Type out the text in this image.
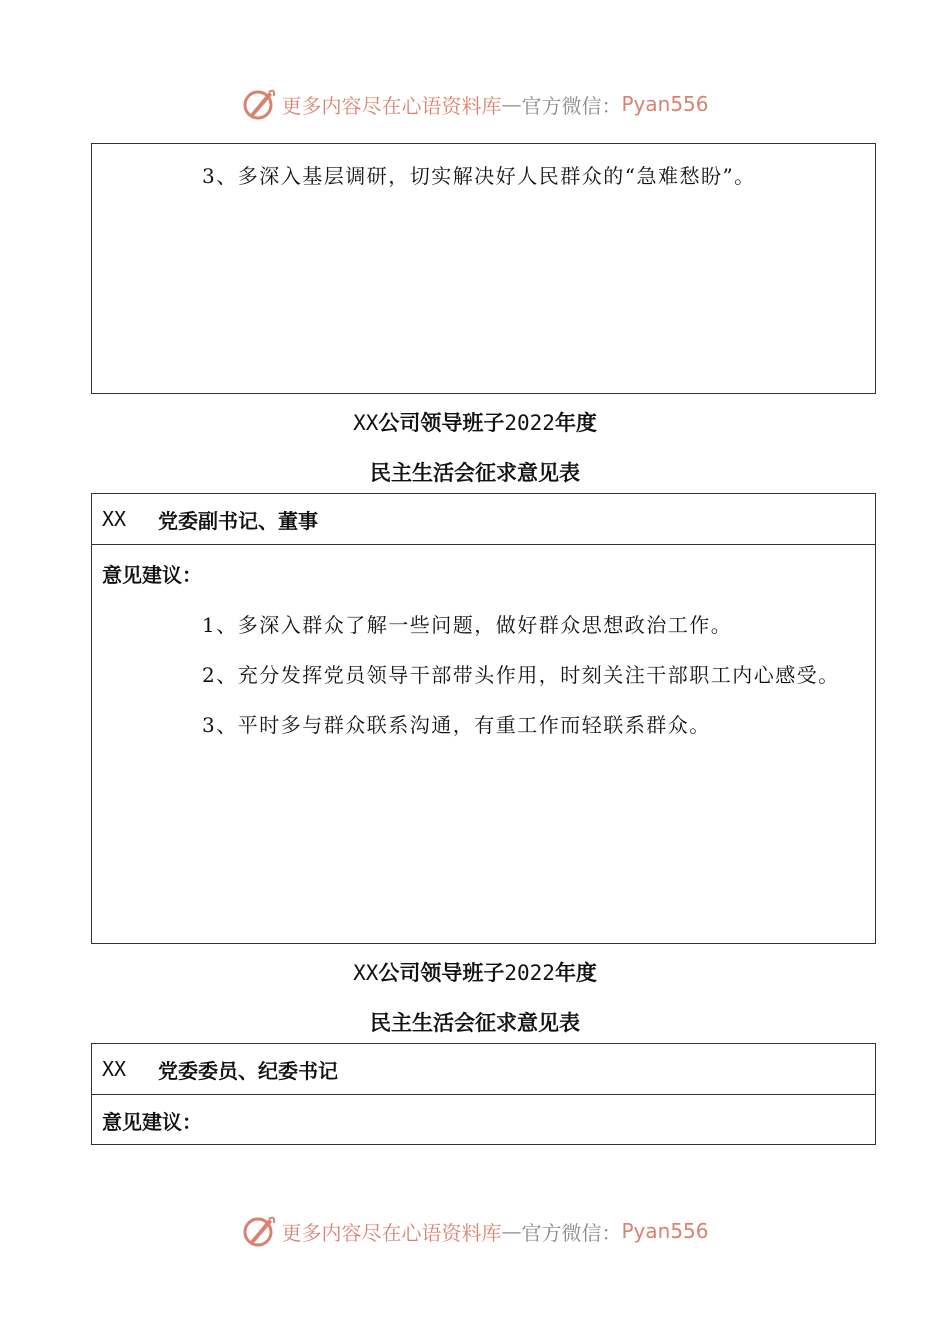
更多内容尽在心语资料库 — 官方微信： Pyan556
3、多深入基层调研，切实解决好人民群众的“急难愁盼”。
XX公司领导班子2022年度
民主生活会征求意见表
XX	党委副书记、董事
意见建议：
1、多深入群众了解一些问题，做好群众思想政治工作。
2、充分发挥党员领导干部带头作用，时刻关注干部职工内心感受。
3、平时多与群众联系沟通，有重工作而轻联系群众。
XX公司领导班子2022年度
民主生活会征求意见表
XX	党委委员、纪委书记
意见建议：
更多内容尽在心语资料库 — 官方微信： Pyan556
